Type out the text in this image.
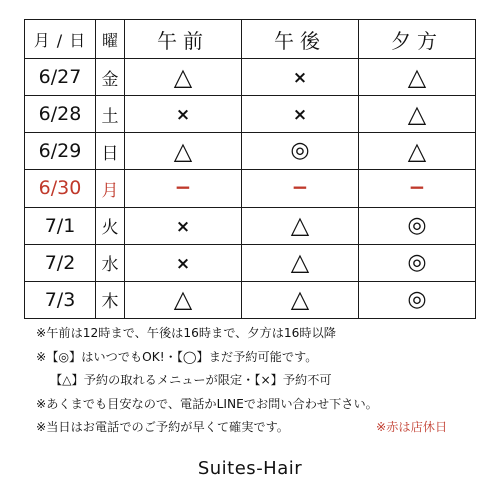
月 / 日	曜	午前	午後	夕方
6/27	金	△	×	△
6/28	土	×	×	△
6/29	日	△	◎	△
6/30	月	−	−	−
7/1	火	×	△	◎
7/2	水	×	△	◎
7/3	木	△	△	◎
※午前は12時まで、午後は16時まで、夕方は16時以降
※【◎】はいつでもOK!・【◯】まだ予約可能です。
【△】予約の取れるメニューが限定・【×】予約不可
※あくまでも目安なので、電話かLINEでお問い合わせ下さい。
※当日はお電話でのご予約が早くて確実です。	※赤は店休日
Suites-Hair
